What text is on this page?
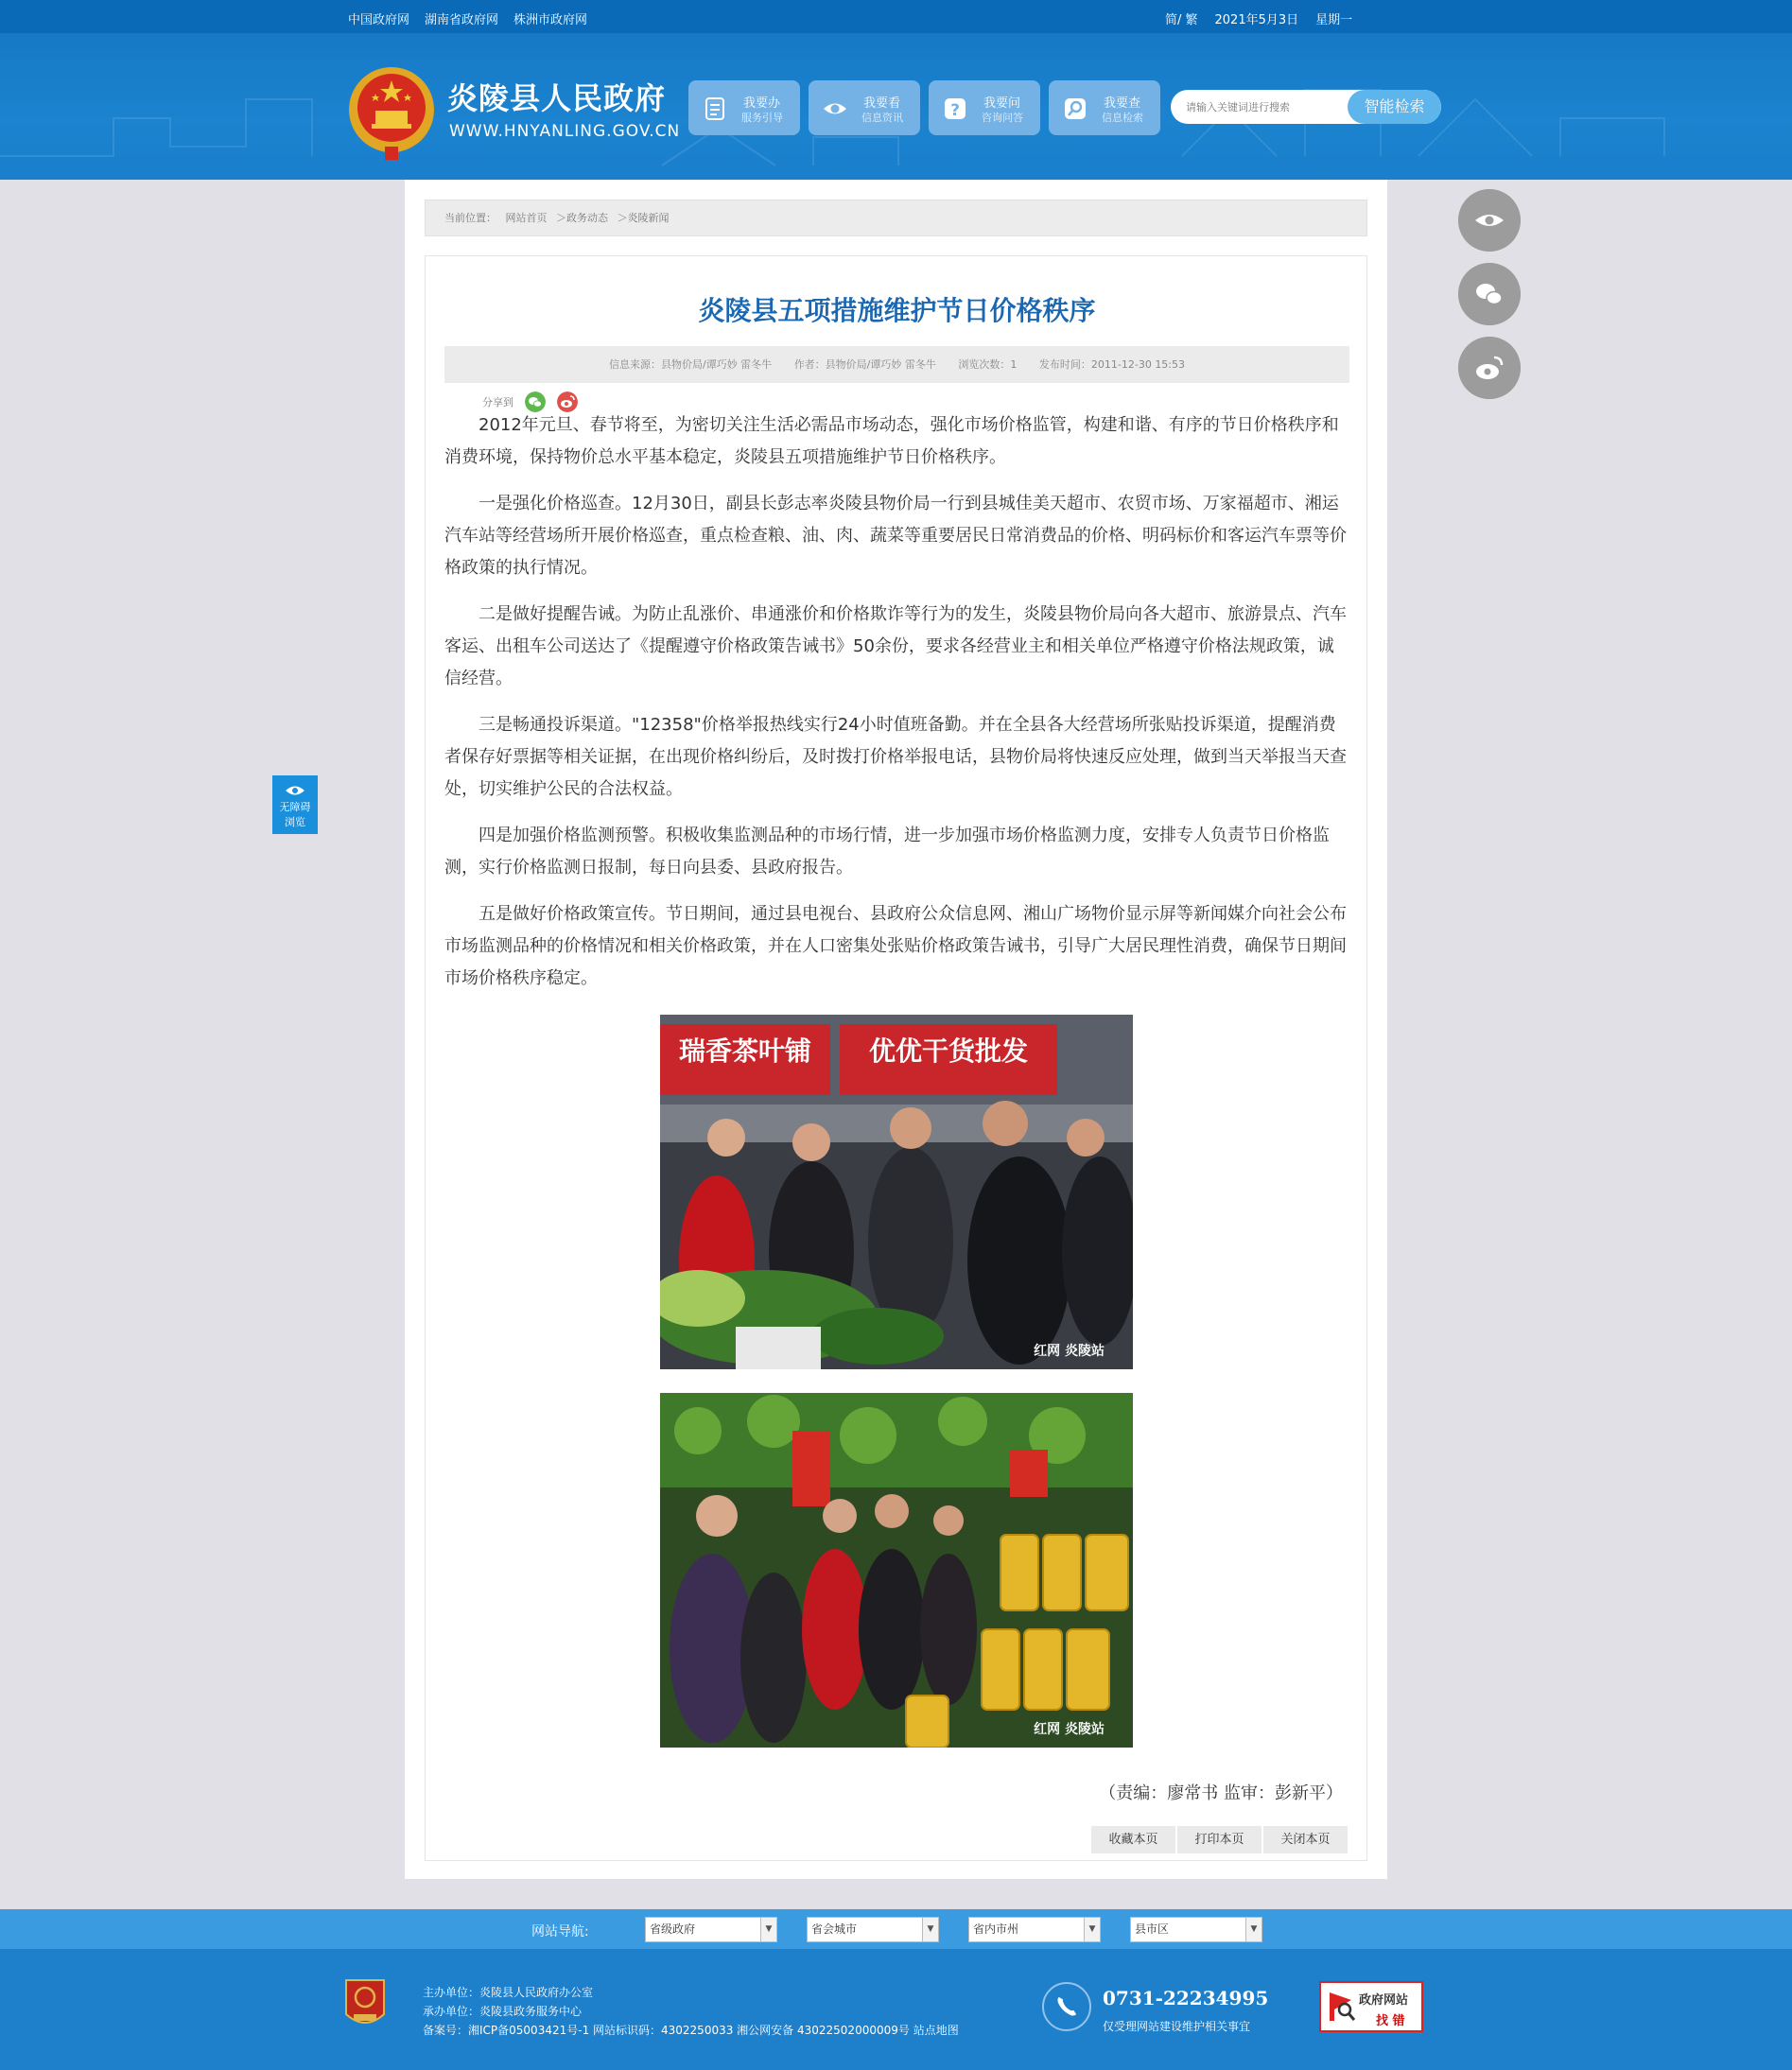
中国政府网 湖南省政府网 株洲市政府网	简/ 繁 2021年5月3日 星期一
炎陵县人民政府
WWW.HNYANLING.GOV.CN
我要办
服务引导
我要看
信息资讯	? 我要问
咨询问答
我要查
信息检索
请输入关键词进行搜索
智能检索
当前位置： 网站首页 ＞政务动态 ＞炎陵新闻
炎陵县五项措施维护节日价格秩序
信息来源：县物价局/谭巧妙 雷冬牛 作者：县物价局/谭巧妙 雷冬牛 浏览次数：1 发布时间：2011-12-30 15:53
分享到

2012年元旦、春节将至，为密切关注生活必需品市场动态，强化市场价格监管，构建和谐、有序的节日价格秩序和消费环境，保持物价总水平基本稳定，炎陵县五项措施维护节日价格秩序。

一是强化价格巡查。12月30日，副县长彭志率炎陵县物价局一行到县城佳美天超市、农贸市场、万家福超市、湘运汽车站等经营场所开展价格巡查，重点检查粮、油、肉、蔬菜等重要居民日常消费品的价格、明码标价和客运汽车票等价格政策的执行情况。

二是做好提醒告诫。为防止乱涨价、串通涨价和价格欺诈等行为的发生，炎陵县物价局向各大超市、旅游景点、汽车客运、出租车公司送达了《提醒遵守价格政策告诫书》50余份，要求各经营业主和相关单位严格遵守价格法规政策，诚信经营。

三是畅通投诉渠道。"12358"价格举报热线实行24小时值班备勤。并在全县各大经营场所张贴投诉渠道，提醒消费者保存好票据等相关证据，在出现价格纠纷后，及时拨打价格举报电话，县物价局将快速反应处理，做到当天举报当天查处，切实维护公民的合法权益。

四是加强价格监测预警。积极收集监测品种的市场行情，进一步加强市场价格监测力度，安排专人负责节日价格监测，实行价格监测日报制，每日向县委、县政府报告。

五是做好价格政策宣传。节日期间，通过县电视台、县政府公众信息网、湘山广场物价显示屏等新闻媒介向社会公布市场监测品种的价格情况和相关价格政策，并在人口密集处张贴价格政策告诫书，引导广大居民理性消费，确保节日期间市场价格秩序稳定。

瑞香茶叶铺 优优干货批发
红网 炎陵站
红网 炎陵站
（责编：廖常书 监审：彭新平）
收藏本页	打印本页	关闭本页
无障碍
浏览
网站导航:	省级政府	▼	省会城市	▼	省内市州	▼	县市区	▼
主办单位：炎陵县人民政府办公室
承办单位：炎陵县政务服务中心
备案号：湘ICP备05003421号-1 网站标识码：4302250033 湘公网安备 43022502000009号 站点地图
0731-22234995
仅受理网站建设维护相关事宜
政府网站
找 错
